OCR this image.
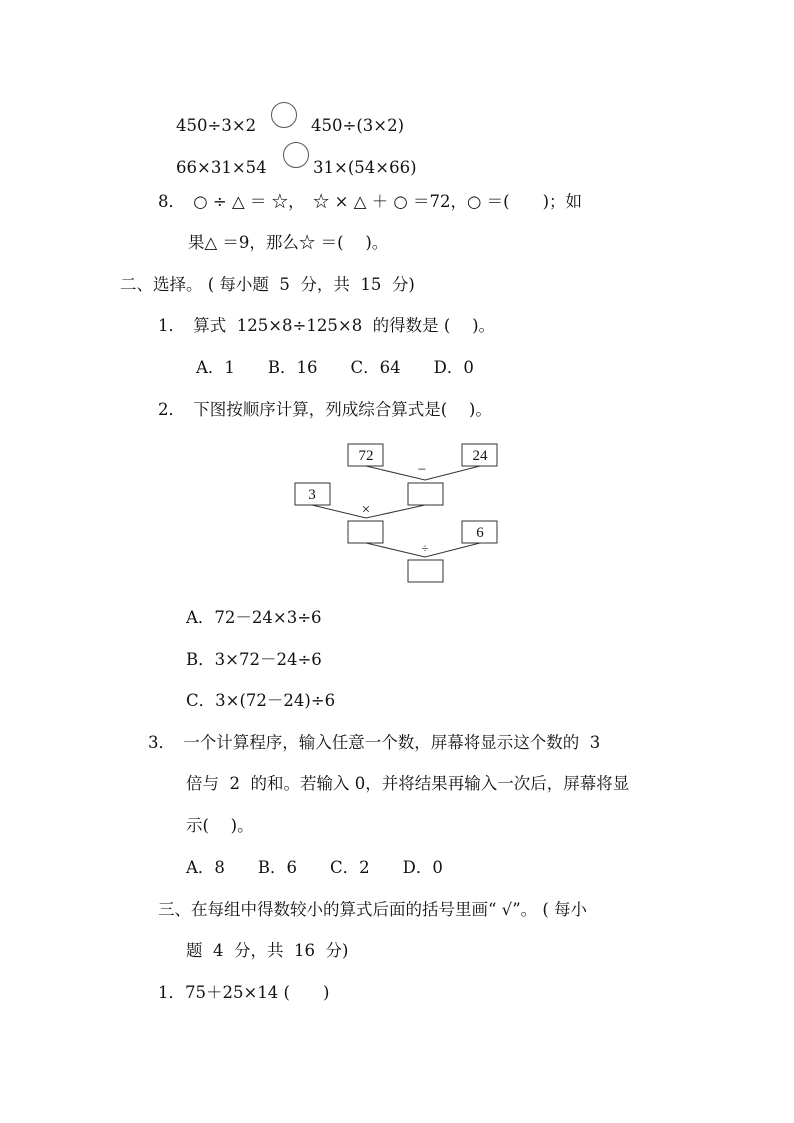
450÷3×2	450÷(3×2)
66×31×54	31×(54×66)
8．　○ ÷ △ ＝ ☆，　☆ × △ ＋ ○ ＝72，○ ＝(　　)；如
果△ ＝9，那么☆ ＝(　 )。
二、选择。 ( 每小题  5  分，共  15  分)
1．　算式  125×8÷125×8  的得数是 (　 )。
A．1　　B．16　　C．64　　D．0
2．　下图按顺序计算，列成综合算式是(　 )。
72	24
3
6
−
×
÷
A．72－24×3÷6
B．3×72－24÷6
C．3×(72－24)÷6
3．　一个计算程序，输入任意一个数，屏幕将显示这个数的  3
倍与  2  的和。若输入 0，并将结果再输入一次后，屏幕将显
示(　 )。
A．8　　B．6　　C．2　　D．0
三、在每组中得数较小的算式后面的括号里画“ √”。 ( 每小
题  4  分，共  16  分)
1．75＋25×14 (　　)
